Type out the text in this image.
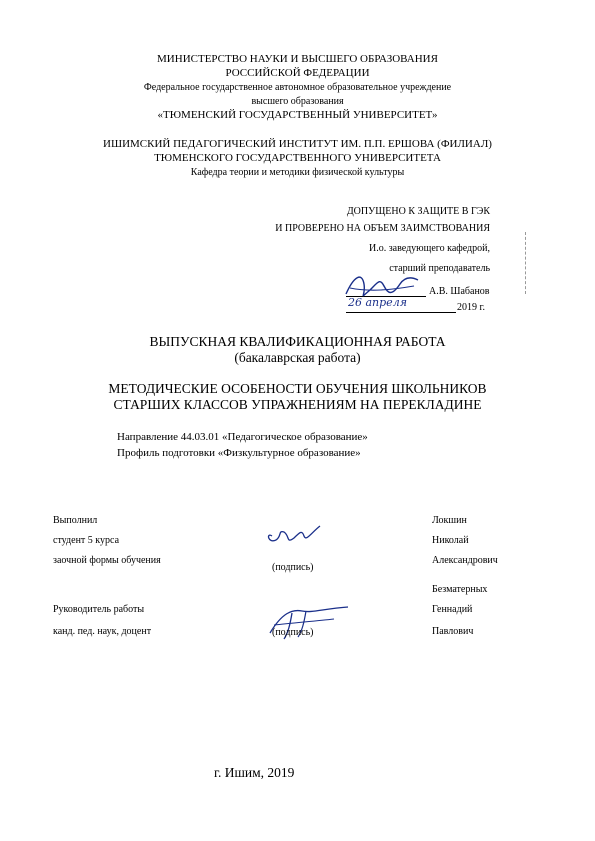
МИНИСТЕРСТВО НАУКИ И ВЫСШЕГО ОБРАЗОВАНИЯ
РОССИЙСКОЙ ФЕДЕРАЦИИ
Федеральное государственное автономное образовательное учреждение
высшего образования
«ТЮМЕНСКИЙ ГОСУДАРСТВЕННЫЙ УНИВЕРСИТЕТ»
ИШИМСКИЙ ПЕДАГОГИЧЕСКИЙ ИНСТИТУТ ИМ. П.П. ЕРШОВА (ФИЛИАЛ)
ТЮМЕНСКОГО ГОСУДАРСТВЕННОГО УНИВЕРСИТЕТА
Кафедра теории и методики физической культуры
ДОПУЩЕНО К ЗАЩИТЕ В ГЭК
И ПРОВЕРЕНО НА ОБЪЕМ ЗАИМСТВОВАНИЯ
И.о. заведующего кафедрой,
старший преподаватель
А.В. Шабанов
26 апреля	2019 г.
ВЫПУСКНАЯ КВАЛИФИКАЦИОННАЯ РАБОТА
(бакалаврская работа)
МЕТОДИЧЕСКИЕ ОСОБЕНОСТИ ОБУЧЕНИЯ ШКОЛЬНИКОВ
СТАРШИХ КЛАССОВ УПРАЖНЕНИЯМ НА ПЕРЕКЛАДИНЕ
Направление 44.03.01 «Педагогическое образование»
Профиль подготовки «Физкультурное образование»
Выполнил
студент 5 курса
заочной формы обучения
(подпись)
Локшин
Николай
Александрович
Безматерных
Руководитель работы
канд. пед. наук, доцент	(подпись)
Геннадий
Павлович
г. Ишим, 2019
